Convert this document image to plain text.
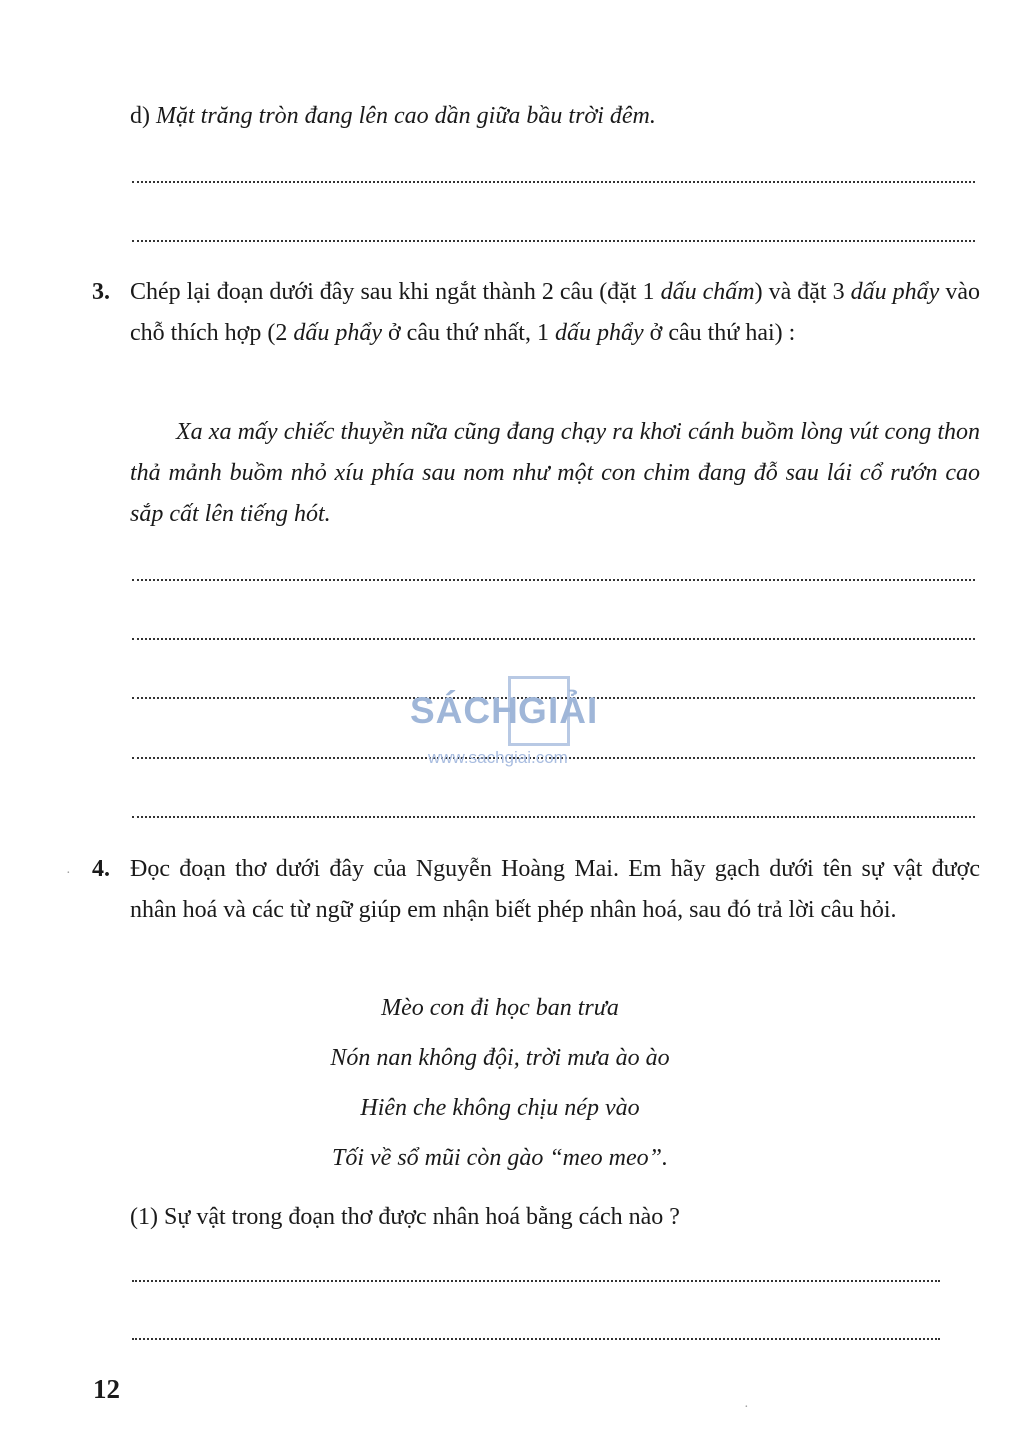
d) Mặt trăng tròn đang lên cao dần giữa bầu trời đêm.
3. Chép lại đoạn dưới đây sau khi ngắt thành 2 câu (đặt 1 dấu chấm) và đặt 3 dấu phẩy vào chỗ thích hợp (2 dấu phẩy ở câu thứ nhất, 1 dấu phẩy ở câu thứ hai) :
Xa xa mấy chiếc thuyền nữa cũng đang chạy ra khơi cánh buồm lòng vút cong thon thả mảnh buồm nhỏ xíu phía sau nom như một con chim đang đỗ sau lái cổ rướn cao sắp cất lên tiếng hót.
SÁCH G IẢI
www.sachgiai.com
· 4. Đọc đoạn thơ dưới đây của Nguyễn Hoàng Mai. Em hãy gạch dưới tên sự vật được nhân hoá và các từ ngữ giúp em nhận biết phép nhân hoá, sau đó trả lời câu hỏi.
Mèo con đi học ban trưa
Nón nan không đội, trời mưa ào ào
Hiên che không chịu nép vào
Tối về sổ mũi còn gào “meo meo”.
(1) Sự vật trong đoạn thơ được nhân hoá bằng cách nào ?
12
·
